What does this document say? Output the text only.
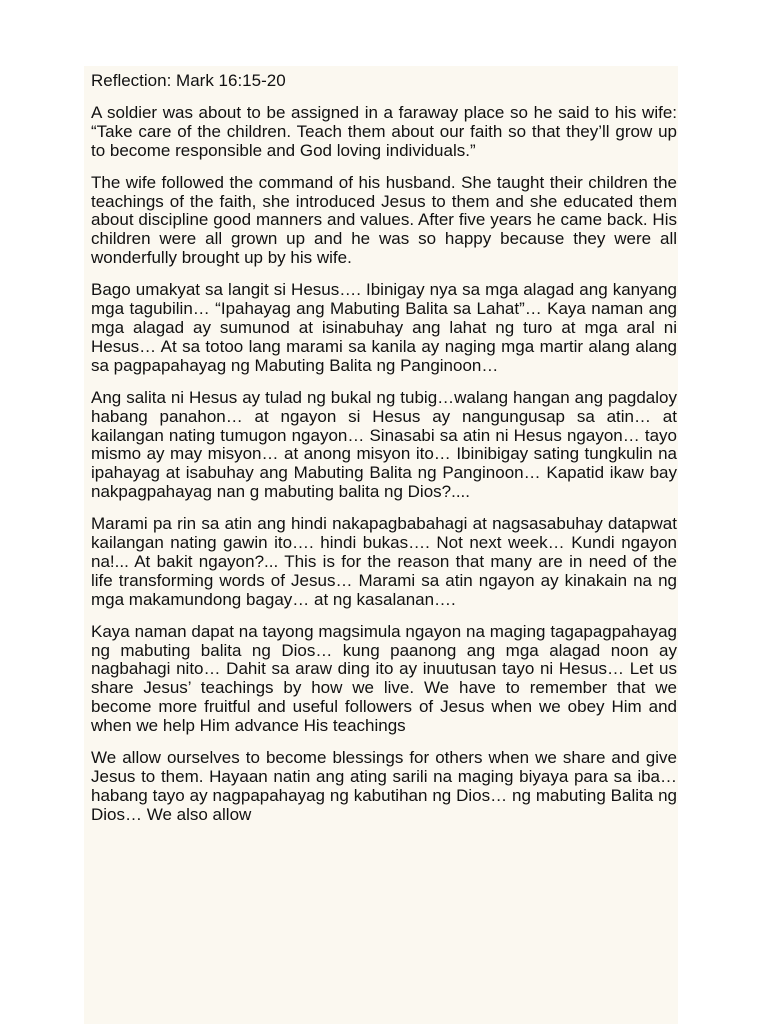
Reflection: Mark 16:15-20

A soldier was about to be assigned in a faraway place so he said to his wife: “Take care of the children. Teach them about our faith so that they’ll grow up to become responsible and God loving individuals.”

The wife followed the command of his husband. She taught their children the teachings of the faith, she introduced Jesus to them and she educated them about discipline good manners and values. After five years he came back. His children were all grown up and he was so happy because they were all wonderfully brought up by his wife.

Bago umakyat sa langit si Hesus…. Ibinigay nya sa mga alagad ang kanyang mga tagubilin… “Ipahayag ang Mabuting Balita sa Lahat”… Kaya naman ang mga alagad ay sumunod at isinabuhay ang lahat ng turo at mga aral ni Hesus… At sa totoo lang marami sa kanila ay naging mga martir alang alang sa pagpapahayag ng Mabuting Balita ng Panginoon…

Ang salita ni Hesus ay tulad ng bukal ng tubig…walang hangan ang pagdaloy habang panahon… at ngayon si Hesus ay nangungusap sa atin… at kailangan nating tumugon ngayon… Sinasabi sa atin ni Hesus ngayon… tayo mismo ay may misyon… at anong misyon ito… Ibinibigay sating tungkulin na ipahayag at isabuhay ang Mabuting Balita ng Panginoon… Kapatid ikaw bay nakpagpahayag nan g mabuting balita ng Dios?....

Marami pa rin sa atin ang hindi nakapagbabahagi at nagsasabuhay datapwat kailangan nating gawin ito…. hindi bukas…. Not next week… Kundi ngayon na!... At bakit ngayon?... This is for the reason that many are in need of the life transforming words of Jesus… Marami sa atin ngayon ay kinakain na ng mga makamundong bagay… at ng kasalanan….

Kaya naman dapat na tayong magsimula ngayon na maging tagapagpahayag ng mabuting balita ng Dios… kung paanong ang mga alagad noon ay nagbahagi nito… Dahit sa araw ding ito ay inuutusan tayo ni Hesus… Let us share Jesus’ teachings by how we live. We have to remember that we become more fruitful and useful followers of Jesus when we obey Him and when we help Him advance His teachings

We allow ourselves to become blessings for others when we share and give Jesus to them. Hayaan natin ang ating sarili na maging biyaya para sa iba… habang tayo ay nagpapahayag ng kabutihan ng Dios… ng mabuting Balita ng Dios… We also allow
